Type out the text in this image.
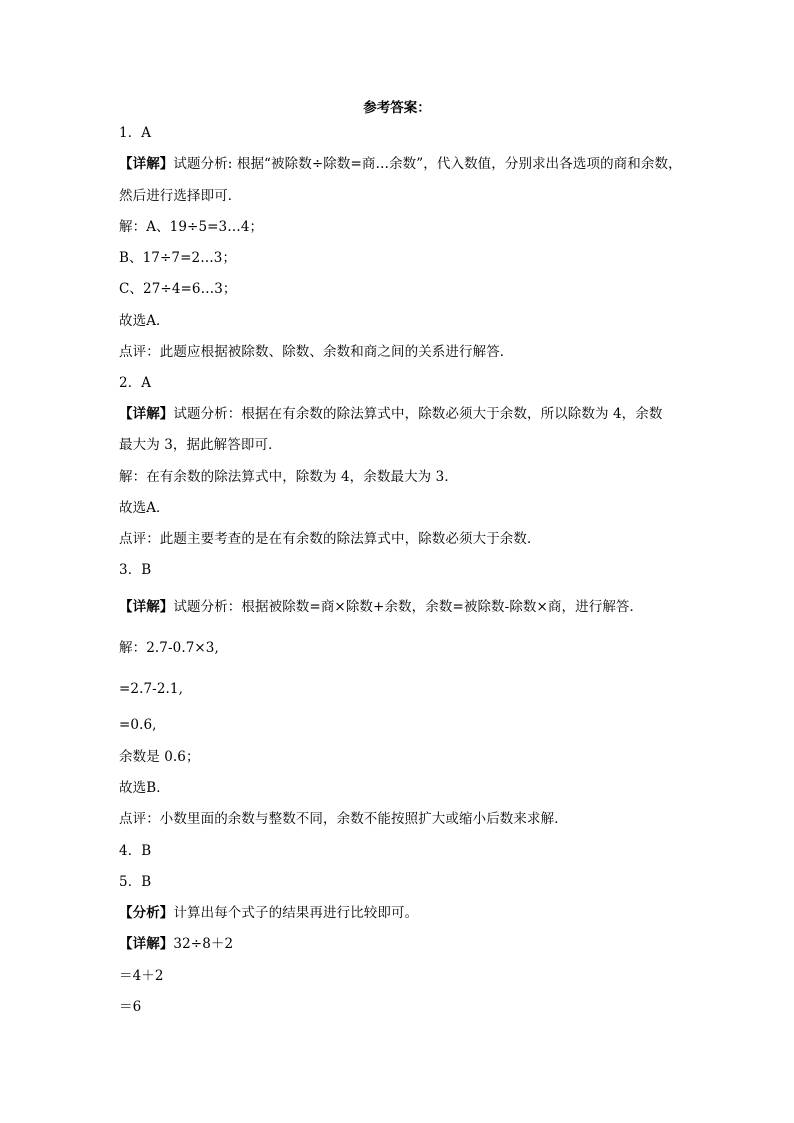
参考答案：
1．A
【详解】试题分析: 根据“被除数÷除数=商…余数”，代入数值，分别求出各选项的商和余数，
然后进行选择即可．
解：A、19÷5=3…4；
B、17÷7=2…3；
C、27÷4=6…3；
故选A．
点评：此题应根据被除数、除数、余数和商之间的关系进行解答．
2．A
【详解】试题分析：根据在有余数的除法算式中，除数必须大于余数，所以除数为 4，余数
最大为 3，据此解答即可．
解：在有余数的除法算式中，除数为 4，余数最大为 3．
故选A．
点评：此题主要考查的是在有余数的除法算式中，除数必须大于余数．
3．B
【详解】试题分析：根据被除数=商×除数+余数，余数=被除数-除数×商，进行解答．
解：2.7-0.7×3,
=2.7-2.1,
=0.6,
余数是 0.6；
故选B．
点评：小数里面的余数与整数不同，余数不能按照扩大或缩小后数来求解．
4．B
5．B
【分析】计算出每个式子的结果再进行比较即可。
【详解】32÷8＋2
＝4＋2
＝6
